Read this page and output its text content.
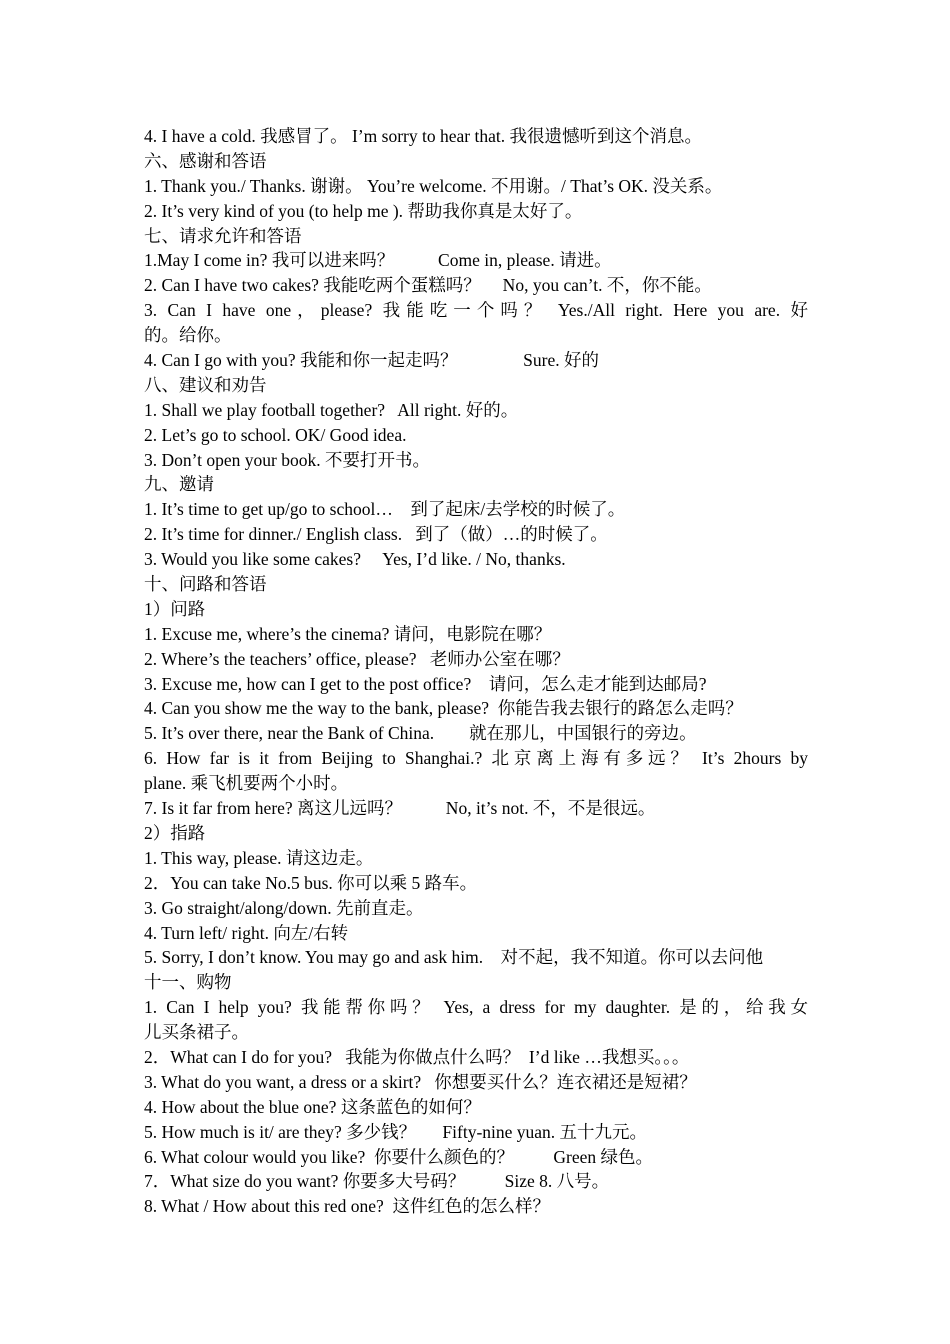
4. I have a cold. 我感冒了。 I’m sorry to hear that. 我很遗憾听到这个消息。
六、感谢和答语
1. Thank you./ Thanks. 谢谢。 You’re welcome. 不用谢。/ That’s OK. 没关系。
2. It’s very kind of you (to help me ). 帮助我你真是太好了。
七、请求允许和答语
1.May I come in? 我可以进来吗？          Come in, please. 请进。
2. Can I have two cakes? 我能吃两个蛋糕吗？     No, you can’t. 不，你不能。
3. Can I have one，please? 我能吃一个吗？ Yes./All right. Here you are. 好
的。给你。
4. Can I go with you? 我能和你一起走吗？               Sure. 好的
八、建议和劝告
1. Shall we play football together?   All right. 好的。
2. Let’s go to school. OK/ Good idea.
3. Don’t open your book. 不要打开书。
九、邀请
1. It’s time to get up/go to school…    到了起床/去学校的时候了。
2. It’s time for dinner./ English class.   到了（做）…的时候了。
3. Would you like some cakes?     Yes, I’d like. / No, thanks.
十、问路和答语
1）问路
1. Excuse me, where’s the cinema? 请问，电影院在哪？
2. Where’s the teachers’ office, please?   老师办公室在哪？
3. Excuse me, how can I get to the post office?    请问，怎么走才能到达邮局?
4. Can you show me the way to the bank, please?  你能告我去银行的路怎么走吗？
5. It’s over there, near the Bank of China.        就在那儿，中国银行的旁边。
6. How far is it from Beijing to Shanghai.? 北京离上海有多远？ It’s 2hours by
plane. 乘飞机要两个小时。
7. Is it far from here? 离这儿远吗？          No, it’s not. 不，不是很远。
2）指路
1. This way, please. 请这边走。
2．You can take No.5 bus. 你可以乘 5 路车。
3. Go straight/along/down. 先前直走。
4. Turn left/ right. 向左/右转
5. Sorry, I don’t know. You may go and ask him.    对不起，我不知道。你可以去问他
十一、购物
1. Can I help you? 我能帮你吗？ Yes, a dress for my daughter. 是的，给我女
儿买条裙子。
2．What can I do for you?   我能为你做点什么吗？  I’d like …我想买。。。
3. What do you want, a dress or a skirt?   你想要买什么？连衣裙还是短裙？
4. How about the blue one? 这条蓝色的如何？
5. How much is it/ are they? 多少钱？      Fifty-nine yuan. 五十九元。
6. What colour would you like?  你要什么颜色的？         Green 绿色。
7．What size do you want? 你要多大号码？         Size 8. 八号。
8. What / How about this red one?  这件红色的怎么样？
